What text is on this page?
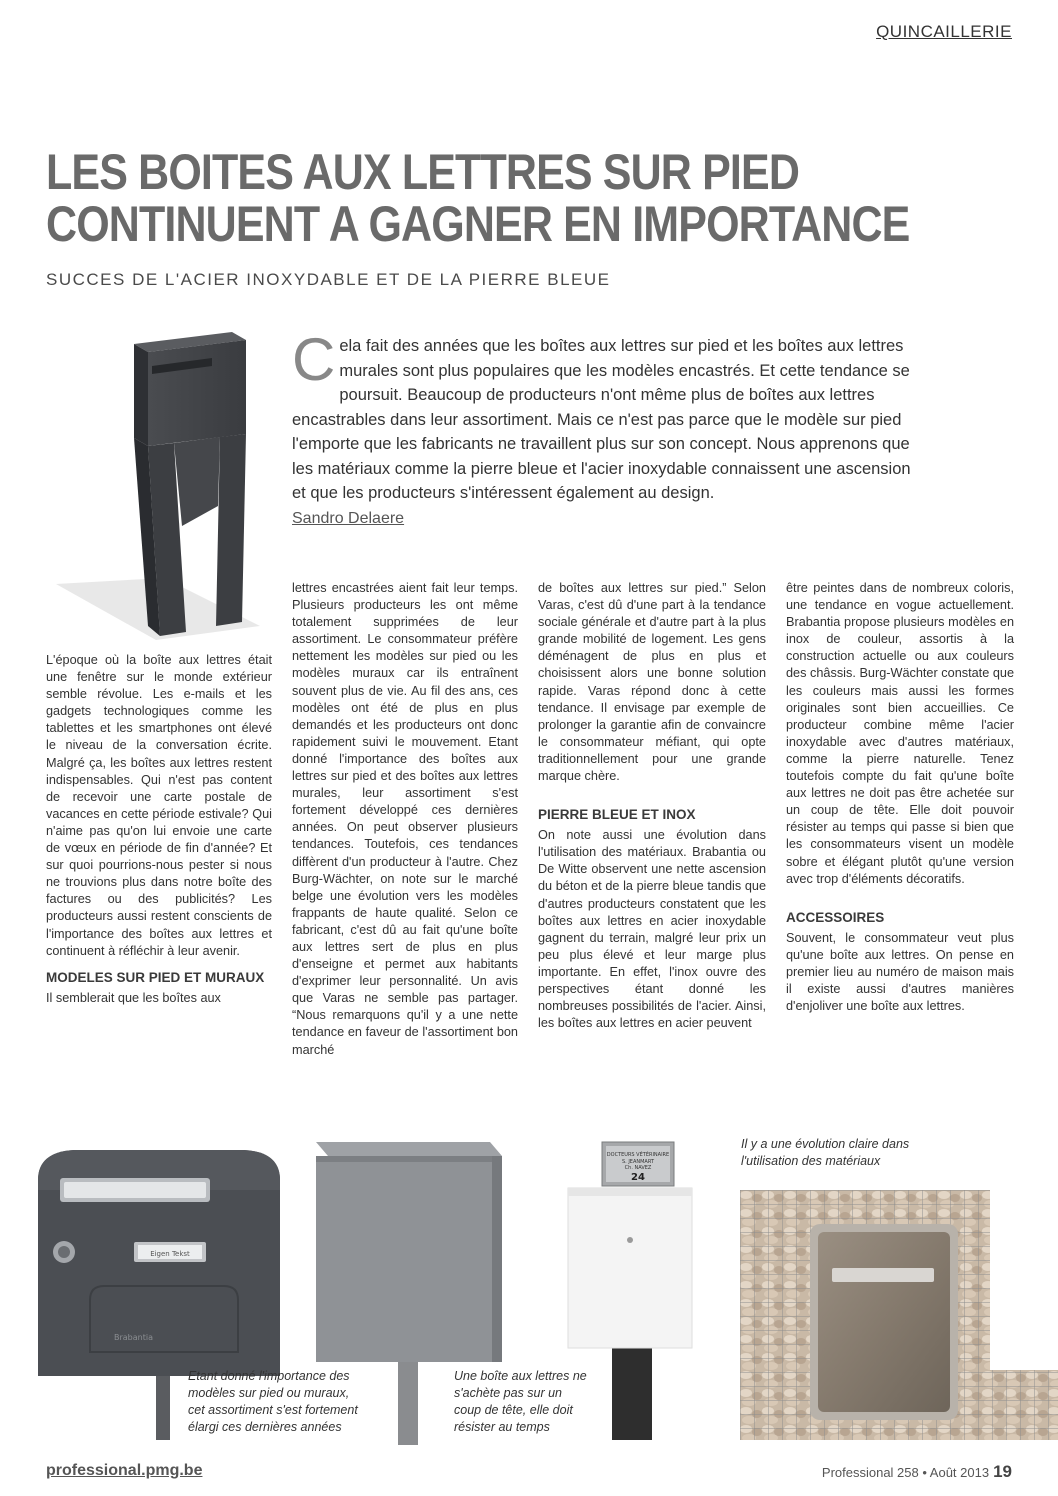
QUINCAILLERIE
LES BOITES AUX LETTRES SUR PIED
CONTINUENT A GAGNER EN IMPORTANCE
SUCCES DE L'ACIER INOXYDABLE ET DE LA PIERRE BLEUE
Cela fait des années que les boîtes aux lettres sur pied et les boîtes aux lettres murales sont plus populaires que les modèles encastrés. Et cette tendance se poursuit. Beaucoup de producteurs n'ont même plus de boîtes aux lettres encastrables dans leur assortiment. Mais ce n'est pas parce que le modèle sur pied l'emporte que les fabricants ne travaillent plus sur son concept. Nous apprenons que les matériaux comme la pierre bleue et l'acier inoxydable connaissent une ascension et que les producteurs s'intéressent également au design.
Sandro Delaere

L'époque où la boîte aux lettres était une fenêtre sur le monde extérieur semble révolue. Les e-mails et les gadgets technologiques comme les tablettes et les smartphones ont élevé le niveau de la conversation écrite. Malgré ça, les boîtes aux lettres restent indispensables. Qui n'est pas content de recevoir une carte postale de vacances en cette période estivale? Qui n'aime pas qu'on lui envoie une carte de vœux en période de fin d'année? Et sur quoi pourrions-nous pester si nous ne trouvions plus dans notre boîte des factures ou des publicités? Les producteurs aussi restent conscients de l'importance des boîtes aux lettres et continuent à réfléchir à leur avenir.

MODELES SUR PIED ET MURAUX

Il semblerait que les boîtes aux

lettres encastrées aient fait leur temps. Plusieurs producteurs les ont même totalement supprimées de leur assortiment. Le consommateur préfère nettement les modèles sur pied ou les modèles muraux car ils entraînent souvent plus de vie. Au fil des ans, ces modèles ont été de plus en plus demandés et les producteurs ont donc rapidement suivi le mouvement. Etant donné l'importance des boîtes aux lettres sur pied et des boîtes aux lettres murales, leur assortiment s'est fortement développé ces dernières années. On peut observer plusieurs tendances. Toutefois, ces tendances diffèrent d'un producteur à l'autre. Chez Burg-Wächter, on note sur le marché belge une évolution vers les modèles frappants de haute qualité. Selon ce fabricant, c'est dû au fait qu'une boîte aux lettres sert de plus en plus d'enseigne et permet aux habitants d'exprimer leur personnalité. Un avis que Varas ne semble pas partager. “Nous remarquons qu'il y a une nette tendance en faveur de l'assortiment bon marché

de boîtes aux lettres sur pied.” Selon Varas, c'est dû d'une part à la tendance sociale générale et d'autre part à la plus grande mobilité de logement. Les gens déménagent de plus en plus et choisissent alors une bonne solution rapide. Varas répond donc à cette tendance. Il envisage par exemple de prolonger la garantie afin de convaincre le consommateur méfiant, qui opte traditionnellement pour une grande marque chère.

PIERRE BLEUE ET INOX

On note aussi une évolution dans l'utilisation des matériaux. Brabantia ou De Witte observent une nette ascension du béton et de la pierre bleue tandis que d'autres producteurs constatent que les boîtes aux lettres en acier inoxydable gagnent du terrain, malgré leur prix un peu plus élevé et leur marge plus importante. En effet, l'inox ouvre des perspectives étant donné les nombreuses possibilités de l'acier. Ainsi, les boîtes aux lettres en acier peuvent

être peintes dans de nombreux coloris, une tendance en vogue actuellement. Brabantia propose plusieurs modèles en inox de couleur, assortis à la construction actuelle ou aux couleurs des châssis. Burg-Wächter constate que les couleurs mais aussi les formes originales sont bien accueillies. Ce producteur combine même l'acier inoxydable avec d'autres matériaux, comme la pierre naturelle. Tenez toutefois compte du fait qu'une boîte aux lettres ne doit pas être achetée sur un coup de tête. Elle doit pouvoir résister au temps qui passe si bien que les consommateurs visent un modèle sobre et élégant plutôt qu'une version avec trop d'éléments décoratifs.

ACCESSOIRES

Souvent, le consommateur veut plus qu'une boîte aux lettres. On pense en premier lieu au numéro de maison mais il existe aussi d'autres manières d'enjoliver une boîte aux lettres.

Eigen Tekst
Brabantia
DOCTEURS VÉTÉRINAIRE
S. JEANMART
Ch. NAVEZ
24
Etant donné l'importance des modèles sur pied ou muraux, cet assortiment s'est fortement élargi ces dernières années
Une boîte aux lettres ne s'achète pas sur un coup de tête, elle doit résister au temps
Il y a une évolution claire dans l'utilisation des matériaux
professional.pmg.be	Professional 258 • Août 2013 19
